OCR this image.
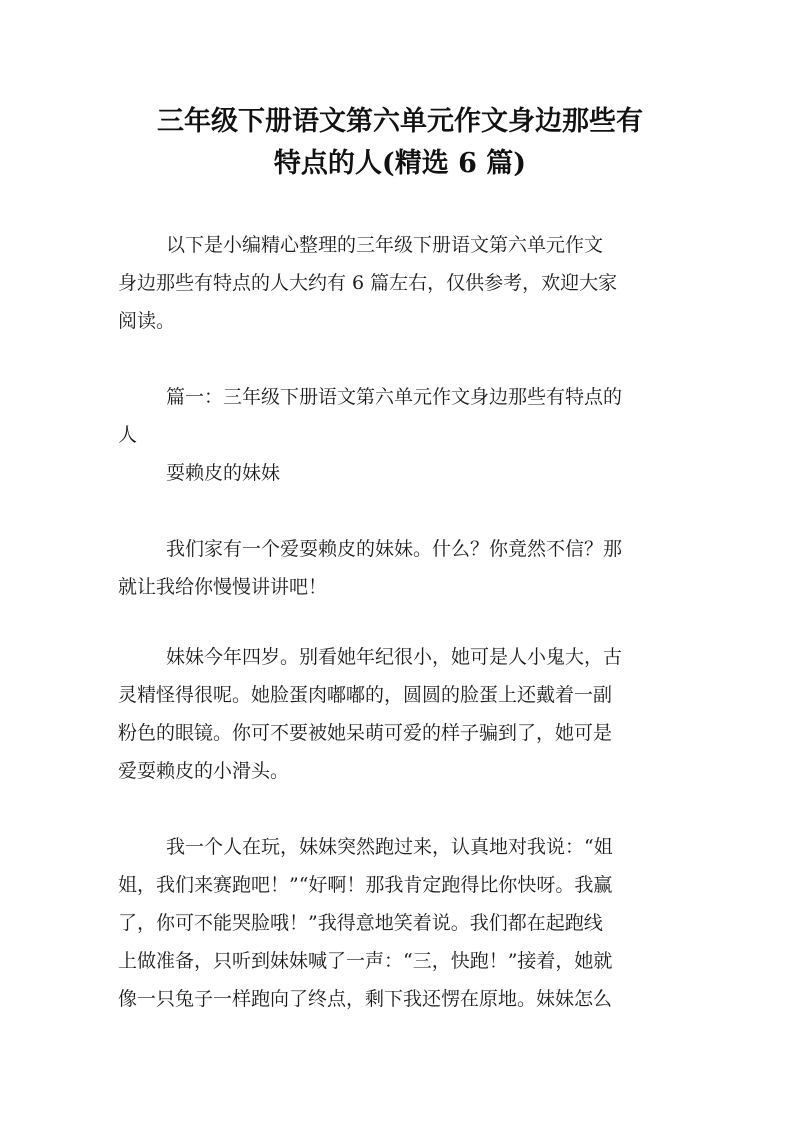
三年级下册语文第六单元作文身边那些有
特点的人(精选 6 篇)

以下是小编精心整理的三年级下册语文第六单元作文

身边那些有特点的人大约有 6 篇左右，仅供参考，欢迎大家

阅读。

篇一：三年级下册语文第六单元作文身边那些有特点的

人

耍赖皮的妹妹

我们家有一个爱耍赖皮的妹妹。什么？你竟然不信？那

就让我给你慢慢讲讲吧！

妹妹今年四岁。别看她年纪很小，她可是人小鬼大，古

灵精怪得很呢。她脸蛋肉嘟嘟的，圆圆的脸蛋上还戴着一副

粉色的眼镜。你可不要被她呆萌可爱的样子骗到了，她可是

爱耍赖皮的小滑头。

我一个人在玩，妹妹突然跑过来，认真地对我说：“姐

姐，我们来赛跑吧！”“好啊！那我肯定跑得比你快呀。我赢

了，你可不能哭脸哦！”我得意地笑着说。我们都在起跑线

上做准备，只听到妹妹喊了一声：“三，快跑！”接着，她就

像一只兔子一样跑向了终点，剩下我还愣在原地。妹妹怎么
